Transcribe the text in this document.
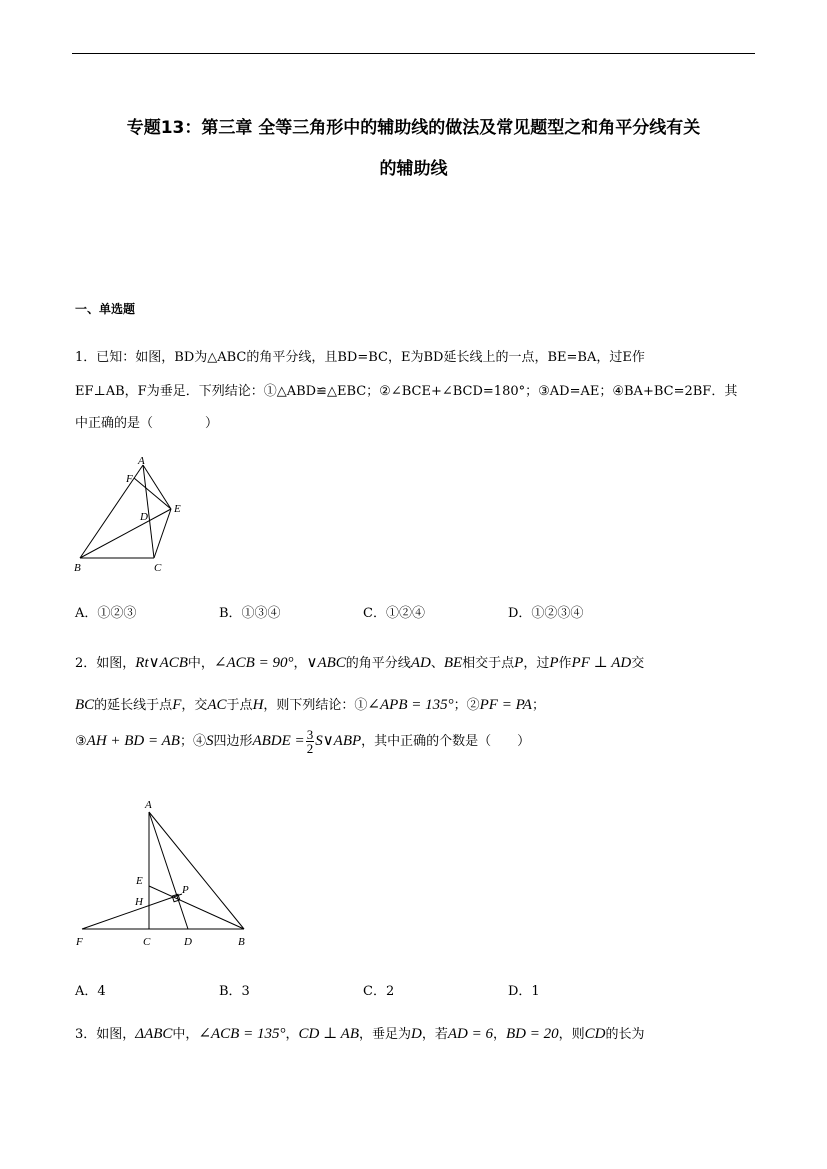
专题13：第三章 全等三角形中的辅助线的做法及常见题型之和角平分线有关
的辅助线
一、单选题
1．已知：如图，BD为△ABC的角平分线，且BD=BC，E为BD延长线上的一点，BE=BA，过E作
EF⊥AB，F为垂足．下列结论：①△ABD≌△EBC；②∠BCE+∠BCD=180°；③AD=AE；④BA+BC=2BF．其
中正确的是（　　　　）
A
F
E
D
B	C
A．①②③	B．①③④	C．①②④	D．①②③④
2．如图，Rt∨ACB中，∠ACB = 90°，∨ABC的角平分线AD、BE相交于点P，过P作PF ⊥ AD交
BC的延长线于点F，交AC于点H，则下列结论：①∠APB = 135°；②PF = PA；
③AH + BD = AB；④S四边形ABDE = $\frac{3}{2}$ S∨ABP，其中正确的个数是（　　）
A
E
H
P
F	C	D	B
A．4	B．3	C．2	D．1
3．如图，ΔABC中，∠ACB = 135°，CD ⊥ AB，垂足为D，若AD = 6，BD = 20，则CD的长为
